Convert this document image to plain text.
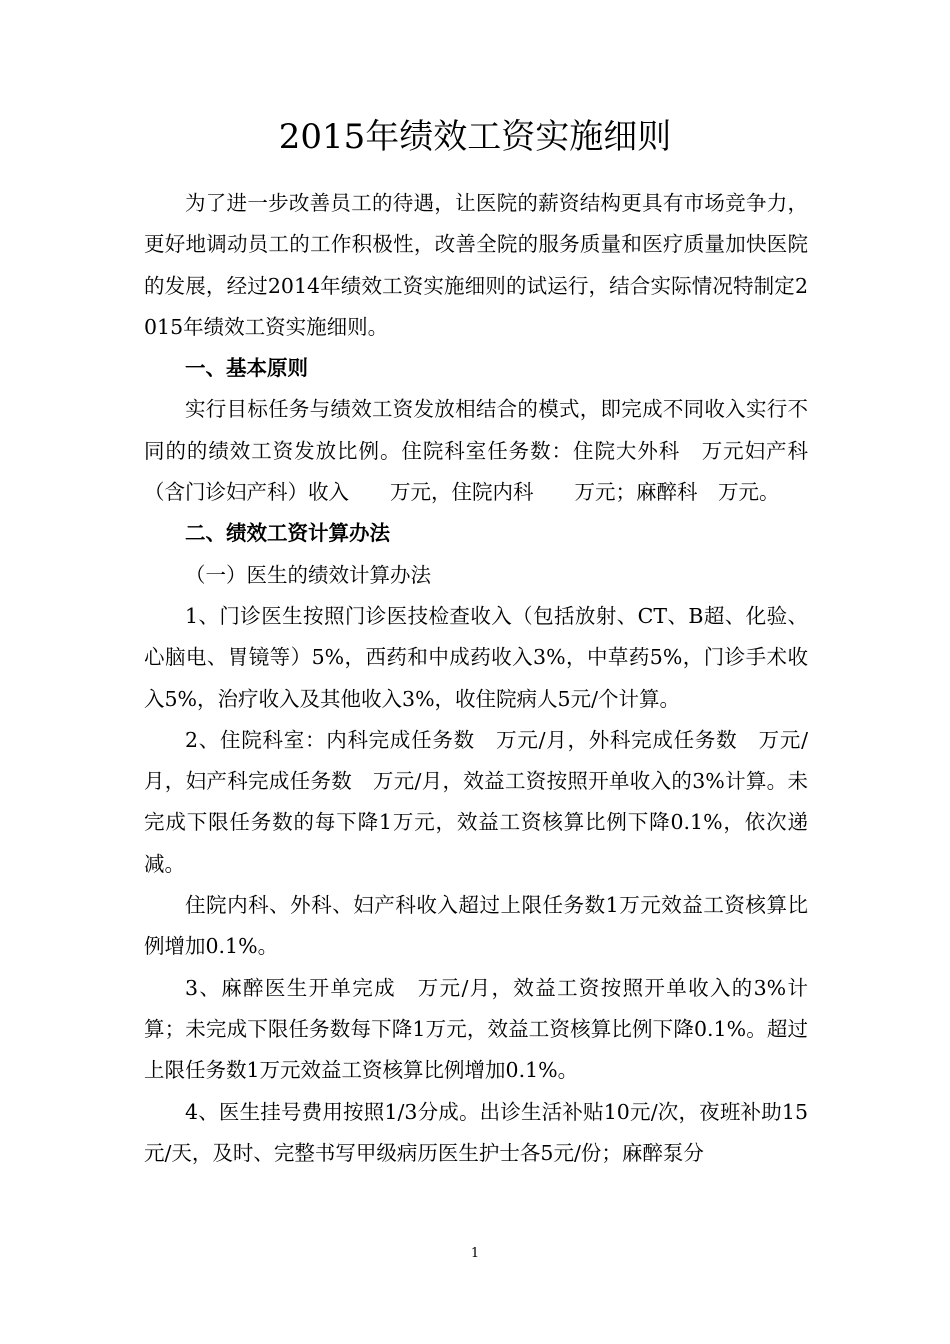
2015年绩效工资实施细则

为了进一步改善员工的待遇，让医院的薪资结构更具有市场竞争力，更好地调动员工的工作积极性，改善全院的服务质量和医疗质量加快医院的发展，经过2014年绩效工资实施细则的试运行，结合实际情况特制定2015年绩效工资实施细则。

一、基本原则

实行目标任务与绩效工资发放相结合的模式，即完成不同收入实行不同的的绩效工资发放比例。住院科室任务数：住院大外科　万元妇产科（含门诊妇产科）收入　　万元，住院内科　　万元；麻醉科　万元。

二、绩效工资计算办法

（一）医生的绩效计算办法

1、门诊医生按照门诊医技检查收入（包括放射、CT、B超、化验、心脑电、胃镜等）5%，西药和中成药收入3%，中草药5%，门诊手术收入5%，治疗收入及其他收入3%，收住院病人5元/个计算。

2、住院科室：内科完成任务数　万元/月，外科完成任务数　万元/月，妇产科完成任务数　万元/月，效益工资按照开单收入的3%计算。未完成下限任务数的每下降1万元，效益工资核算比例下降0.1%，依次递减。

住院内科、外科、妇产科收入超过上限任务数1万元效益工资核算比例增加0.1%。

3、麻醉医生开单完成　万元/月，效益工资按照开单收入的3%计算；未完成下限任务数每下降1万元，效益工资核算比例下降0.1%。超过上限任务数1万元效益工资核算比例增加0.1%。

4、医生挂号费用按照1/3分成。出诊生活补贴10元/次，夜班补助15元/天，及时、完整书写甲级病历医生护士各5元/份；麻醉泵分

1
